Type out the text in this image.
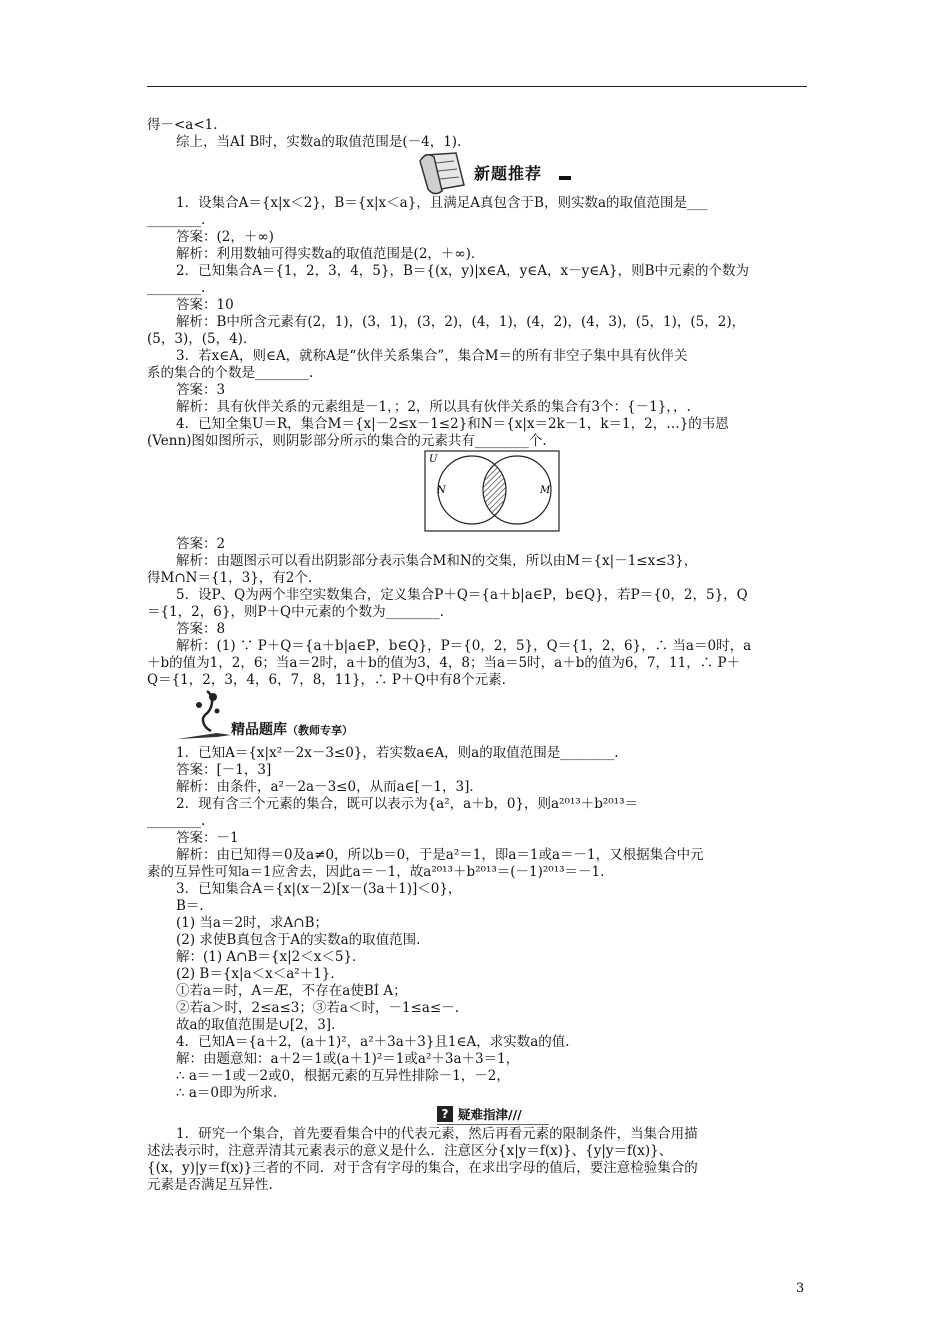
得－<a<1.
综上，当AÍ B时，实数a的取值范围是(－4，1).
新题推荐
1．设集合A＝{x|x＜2}，B＝{x|x＜a}，且满足A真包含于B，则实数a的取值范围是___
________.
答案：(2，＋∞)
解析：利用数轴可得实数a的取值范围是(2，＋∞)．
2．已知集合A＝{1，2，3，4，5}，B＝{(x，y)|x∈A，y∈A，x－y∈A}，则B中元素的个数为
________.
答案：10
解析：B中所含元素有(2，1)，(3，1)，(3，2)，(4，1)，(4，2)，(4，3)，(5，1)，(5，2)，
(5，3)，(5，4)．
3．若x∈A，则∈A，就称A是“伙伴关系集合”，集合M＝的所有非空子集中具有伙伴关
系的集合的个数是________.
答案：3
解析：具有伙伴关系的元素组是－1，；2，所以具有伙伴关系的集合有3个：{－1}，，.
4．已知全集U＝R，集合M＝{x|－2≤x－1≤2}和N＝{x|x＝2k－1，k＝1，2，…}的韦恩
(Venn)图如图所示，则阴影部分所示的集合的元素共有________个.
U
N	M
答案：2
解析：由题图示可以看出阴影部分表示集合M和N的交集，所以由M＝{x|－1≤x≤3}，
得M∩N＝{1，3}，有2个.
5．设P、Q为两个非空实数集合，定义集合P＋Q＝{a＋b|a∈P，b∈Q}，若P＝{0，2，5}，Q
＝{1，2，6}，则P＋Q中元素的个数为________.
答案：8
解析：(1) ∵ P＋Q＝{a＋b|a∈P，b∈Q}，P＝{0，2，5}，Q＝{1，2，6}，∴ 当a＝0时，a
＋b的值为1，2，6；当a＝2时，a＋b的值为3，4，8；当a＝5时，a＋b的值为6，7，11，∴ P＋
Q＝{1，2，3，4，6，7，8，11}，∴ P＋Q中有8个元素.
精品题库（教师专享）
1．已知A＝{x|x²－2x－3≤0}，若实数a∈A，则a的取值范围是________.
答案：[－1，3]
解析：由条件，a²－2a－3≤0，从而a∈[－1，3]．
2．现有含三个元素的集合，既可以表示为{a²，a＋b，0}，则a²⁰¹³＋b²⁰¹³＝
________.
答案：－1
解析：由已知得＝0及a≠0，所以b＝0，于是a²＝1，即a＝1或a＝－1，又根据集合中元
素的互异性可知a＝1应舍去，因此a＝－1，故a²⁰¹³＋b²⁰¹³＝(－1)²⁰¹³＝－1.
3．已知集合A＝{x|(x－2)[x－(3a＋1)]＜0}，
B＝.
(1) 当a＝2时，求A∩B；
(2) 求使B真包含于A的实数a的取值范围.
解：(1) A∩B＝{x|2＜x＜5}．
(2) B＝{x|a＜x＜a²＋1}．
①若a＝时，A＝Æ，不存在a使BÍ A；
②若a＞时，2≤a≤3；③若a＜时，－1≤a≤－.
故a的取值范围是∪[2，3]．
4．已知A＝{a＋2，(a＋1)²，a²＋3a＋3}且1∈A，求实数a的值.
解：由题意知：a＋2＝1或(a＋1)²＝1或a²＋3a＋3＝1，
∴ a＝－1或－2或0，根据元素的互异性排除－1，－2，
∴ a＝0即为所求.
? 疑难指津///
1．研究一个集合，首先要看集合中的代表元素，然后再看元素的限制条件，当集合用描
述法表示时，注意弄清其元素表示的意义是什么．注意区分{x|y＝f(x)}、{y|y＝f(x)}、
{(x，y)|y＝f(x)}三者的不同．对于含有字母的集合，在求出字母的值后，要注意检验集合的
元素是否满足互异性.
3
